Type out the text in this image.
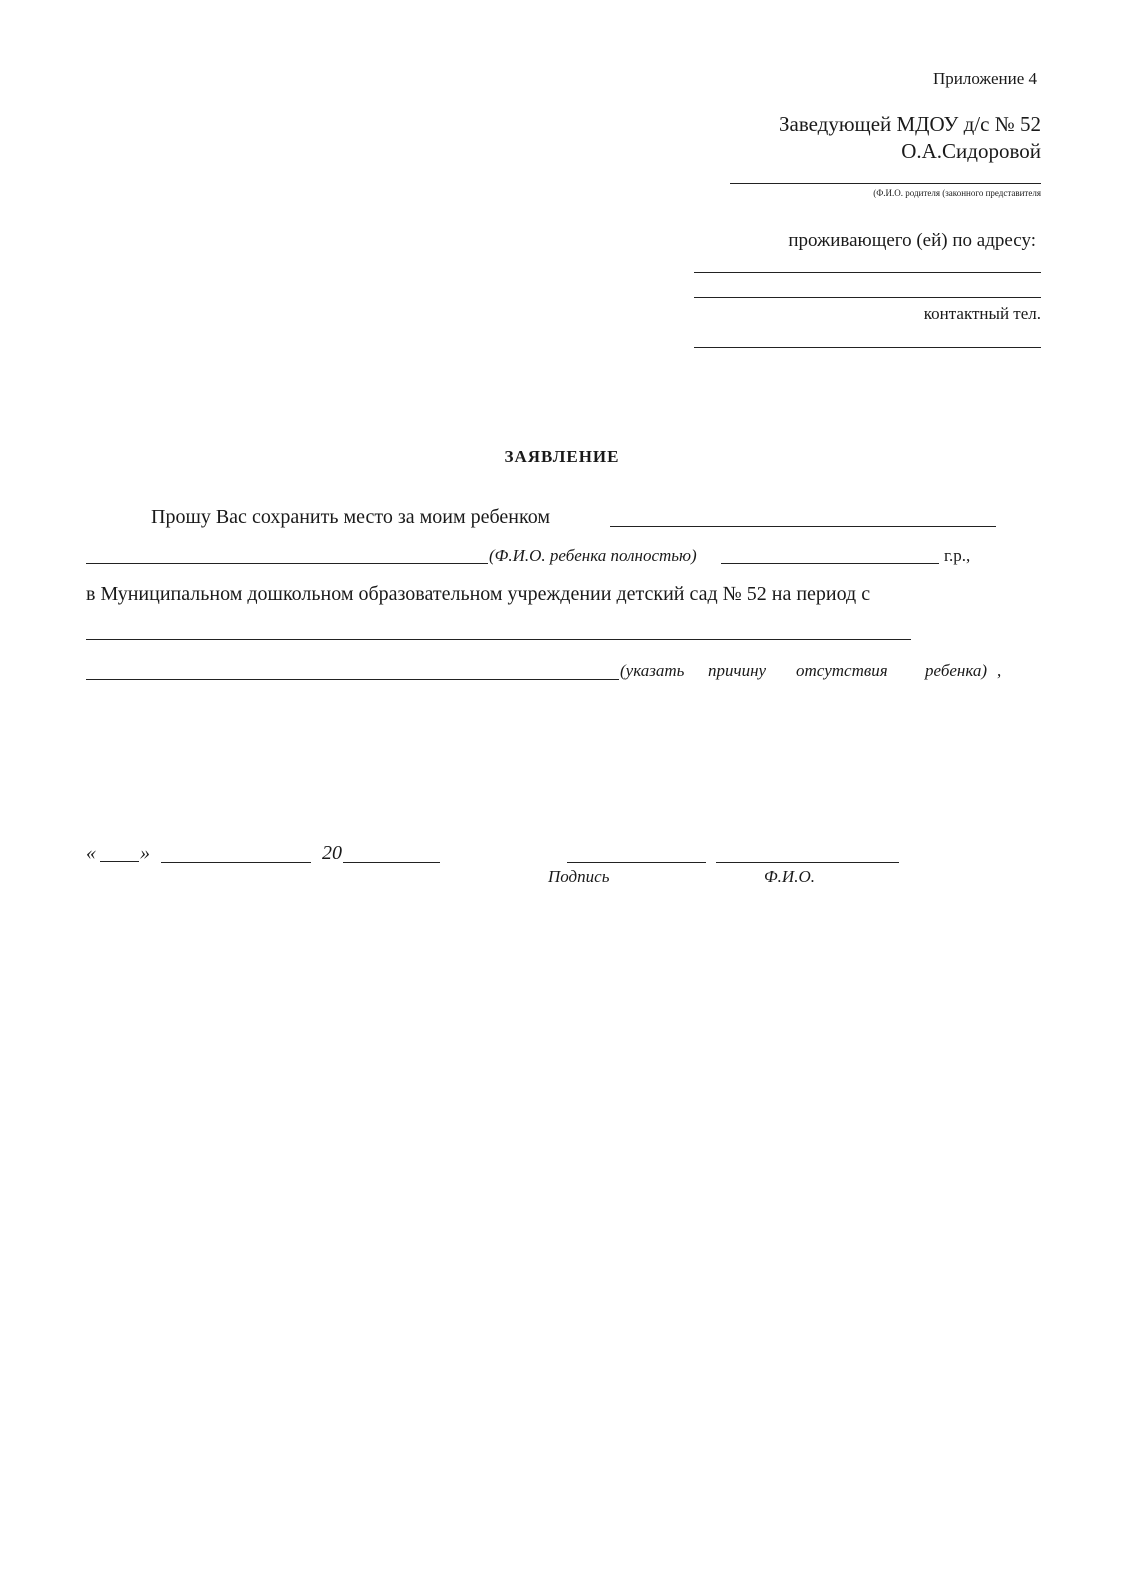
Приложение 4
Заведующей МДОУ д/с № 52
О.А.Сидоровой
(Ф.И.О. родителя (законного представителя
проживающего (ей) по адресу:
контактный тел.
ЗАЯВЛЕНИЕ
Прошу Вас сохранить место за моим ребенком
(Ф.И.О. ребенка полностью)	г.р.,
в Муниципальном дошкольном образовательном учреждении детский сад № 52 на период с
(указать причину отсутствия ребенка) ,
« »	20
Подпись	Ф.И.О.
